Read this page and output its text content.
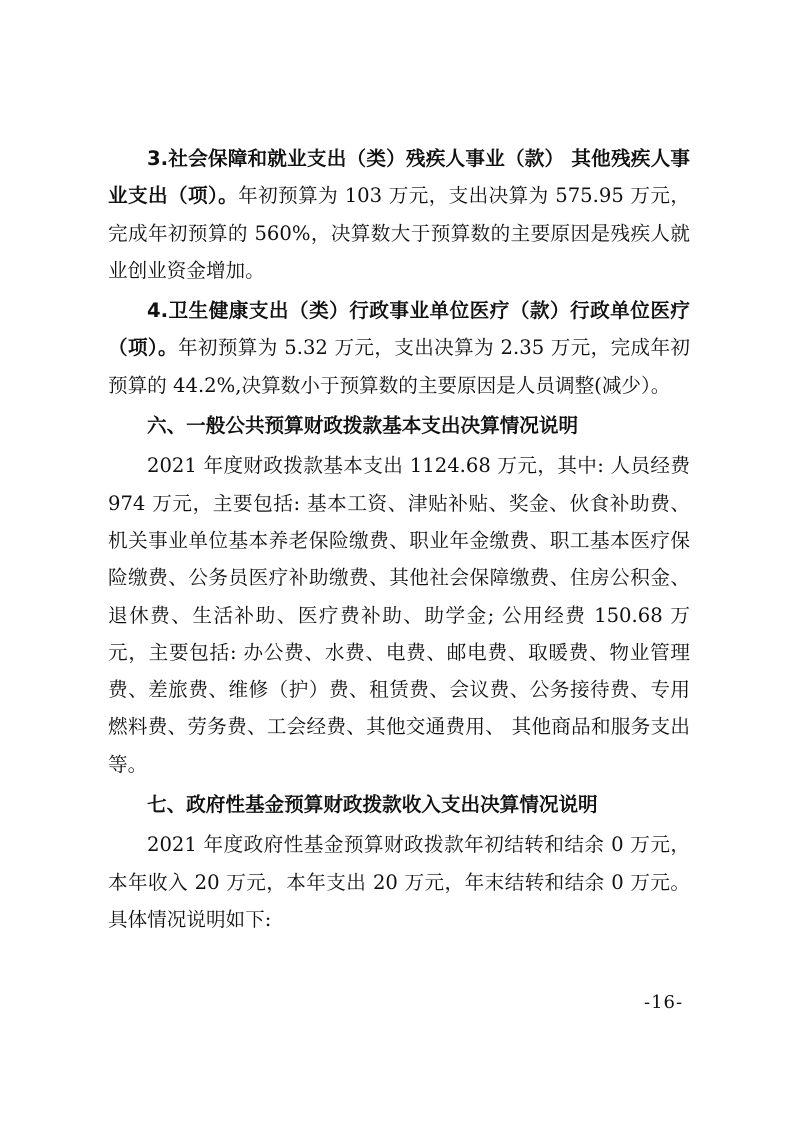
3.社会保障和就业支出（类）残疾人事业（款） 其他残疾人事业支出（项）。年初预算为 103 万元，支出决算为 575.95 万元，完成年初预算的 560%，决算数大于预算数的主要原因是残疾人就业创业资金增加。

4.卫生健康支出（类）行政事业单位医疗（款）行政单位医疗（项）。年初预算为 5.32 万元，支出决算为 2.35 万元，完成年初预算的 44.2%,决算数小于预算数的主要原因是人员调整(减少）。

六、一般公共预算财政拨款基本支出决算情况说明

2021 年度财政拨款基本支出 1124.68 万元，其中: 人员经费 974 万元，主要包括: 基本工资、津贴补贴、奖金、伙食补助费、机关事业单位基本养老保险缴费、职业年金缴费、职工基本医疗保险缴费、公务员医疗补助缴费、其他社会保障缴费、住房公积金、退休费、生活补助、医疗费补助、助学金; 公用经费 150.68 万元，主要包括: 办公费、水费、电费、邮电费、取暖费、物业管理费、差旅费、维修（护）费、租赁费、会议费、公务接待费、专用燃料费、劳务费、工会经费、其他交通费用、 其他商品和服务支出等。

七、政府性基金预算财政拨款收入支出决算情况说明

2021 年度政府性基金预算财政拨款年初结转和结余 0 万元，本年收入 20 万元，本年支出 20 万元，年末结转和结余 0 万元。具体情况说明如下:

-16-
